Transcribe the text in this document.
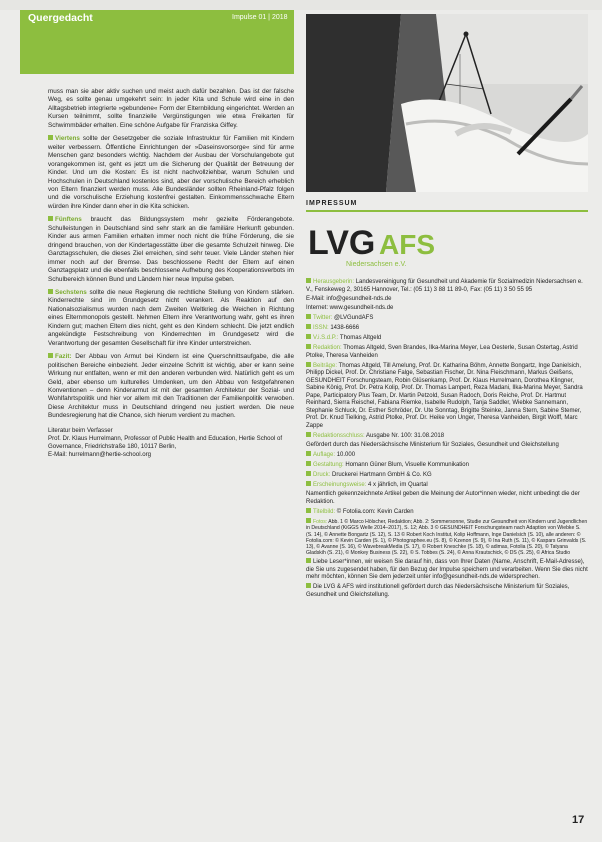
Quergedacht	Impulse 01 | 2018

muss man sie aber aktiv suchen und meist auch dafür bezahlen. Das ist der falsche Weg, es sollte genau umgekehrt sein: In jeder Kita und Schule wird eine in den Alltagsbetrieb integrierte »gebundene« Form der Elternbildung eingerichtet. Werden an Kursen teilnimmt, sollte finanzielle Vergünstigungen wie etwa Freikarten für Schwimmbäder erhalten. Eine schöne Aufgabe für Franziska Giffey.

Viertens sollte der Gesetzgeber die soziale Infrastruktur für Familien mit Kindern weiter verbessern. Öffentliche Einrichtungen der »Daseinsvorsorge« sind für arme Menschen ganz besonders wichtig. Nachdem der Ausbau der Vorschulangebote gut vorangekommen ist, geht es jetzt um die Sicherung der Qualität der Betreuung der Kinder. Und um die Kosten: Es ist nicht nachvollziehbar, warum Schulen und Hochschulen in Deutschland kostenlos sind, aber der vorschulische Bereich erheblich von Eltern finanziert werden muss. Alle Bundesländer sollten Rheinland-Pfalz folgen und die vorschulische Erziehung kostenfrei gestalten. Einkommensschwache Eltern würden ihre Kinder dann eher in die Kita schicken.

Fünftens braucht das Bildungssystem mehr gezielte Förderangebote. Schulleistungen in Deutschland sind sehr stark an die familiäre Herkunft gebunden. Kinder aus armen Familien erhalten immer noch nicht die frühe Förderung, die sie dringend brauchen, von der Kindertagesstätte über die gesamte Schulzeit hinweg. Die Ganztagsschulen, die dieses Ziel erreichen, sind sehr teuer. Viele Länder stehen hier immer noch auf der Bremse. Das beschlossene Recht der Eltern auf einen Ganztagsplatz und die ebenfalls beschlossene Aufhebung des Kooperationsverbots im Schulbereich können Bund und Ländern hier neue Impulse geben.

Sechstens sollte die neue Regierung die rechtliche Stellung von Kindern stärken. Kinderrechte sind im Grundgesetz nicht verankert. Als Reaktion auf den Nationalsozialismus wurden nach dem Zweiten Weltkrieg die Weichen in Richtung eines Elternmonopols gestellt. Nehmen Eltern ihre Verantwortung wahr, geht es ihren Kindern gut; machen Eltern dies nicht, geht es den Kindern schlecht. Die jetzt endlich angekündigte Festschreibung von Kinderrechten im Grundgesetz wird die Verantwortung der gesamten Gesellschaft für ihre Kinder unterstreichen.

Fazit: Der Abbau von Armut bei Kindern ist eine Querschnittsaufgabe, die alle politischen Bereiche einbezieht. Jeder einzelne Schritt ist wichtig, aber er kann seine Wirkung nur entfalten, wenn er mit den anderen verbunden wird. Natürlich geht es um Geld, aber ebenso um kulturelles Umdenken, um den Abbau von festgefahrenen Konventionen – denn Kinderarmut ist mit der gesamten Architektur der Sozial- und Wohlfahrtspolitik und hier vor allem mit den Traditionen der Familienpolitik verwoben. Diese Architektur muss in Deutschland dringend neu justiert werden. Die neue Bundesregierung hat die Chance, sich hierum verdient zu machen.

Literatur beim Verfasser
Prof. Dr. Klaus Hurrelmann, Professor of Public Health and Education, Hertie School of Governance, Friedrichstraße 180, 10117 Berlin,
E-Mail: hurrelmann@hertie-school.org
IMPRESSUM
LVG AFS
Niedersachsen e.V.

Herausgeberin: Landesvereinigung für Gesundheit und Akademie für Sozialmedizin Niedersachsen e. V., Fenskeweg 2, 30165 Hannover, Tel.: (05 11) 3 88 11 89-0, Fax: (05 11) 3 50 55 95

E-Mail: info@gesundheit-nds.de

Internet: www.gesundheit-nds.de

Twitter: @LVGundAFS

ISSN: 1438-6666

V.i.S.d.P.: Thomas Altgeld

Redaktion: Thomas Altgeld, Sven Brandes, Ilka-Marina Meyer, Lea Oesterle, Susan Ostertag, Astrid Ptolke, Theresa Vanheiden

Beiträge: Thomas Altgeld, Till Amelung, Prof. Dr. Katharina Böhm, Annette Bongartz, Inge Danielsich, Philipp Dickel, Prof. Dr. Christiane Falge, Sebastian Fischer, Dr. Nina Fleischmann, Markus Geißens, GESUNDHEIT Forschungsteam, Robin Glüsenkamp, Prof. Dr. Klaus Hurrelmann, Dorothea Klingner, Sabine König, Prof. Dr. Petra Kolip, Prof. Dr. Thomas Lampert, Reza Madani, Ilka-Marina Meyer, Sandra Pape, Participatory Plus Team, Dr. Martin Petzold, Susan Radoch, Doris Reiche, Prof. Dr. Hartmut Reinhard, Sierra Reischel, Fabiana Riemke, Isabelle Rudolph, Tanja Saddler, Wiebke Sannemann, Stephanie Schluck, Dr. Esther Schröder, Dr. Ute Sonntag, Brigitte Steinke, Janna Stern, Sabine Stemer, Prof. Dr. Knud Tielking, Astrid Ptolke, Prof. Dr. Heike von Unger, Theresa Vanheiden, Birgit Wolff, Marc Zappe

Redaktionsschluss: Ausgabe Nr. 100: 31.08.2018

Gefördert durch das Niedersächsische Ministerium für Soziales, Gesundheit und Gleichstellung

Auflage: 10.000

Gestaltung: Homann Güner Blum, Visuelle Kommunikation

Druck: Druckerei Hartmann GmbH & Co. KG

Erscheinungsweise: 4 x jährlich, im Quartal

Namentlich gekennzeichnete Artikel geben die Meinung der Autor*innen wieder, nicht unbedingt die der Redaktion.

Titelbild: © Fotolia.com: Kevin Carden

Fotos: Abb. 1 © Marco Hölscher, Redaktion; Abb. 2: Sommersonne, Studie zur Gesundheit von Kindern und Jugendlichen in Deutschland (KiGGS Welle 2014–2017), S. 12; Abb. 3 © GESUNDHEIT Forschungsteam nach Adaption von Wiebke S. (S. 14), © Annette Bongartz (S. 12), S. 13 © Robert Koch Institut, Kolip Hoffmann, Inge Danielsich (S. 10), alle anderen: © Fotolia.com: © Kevin Carden (S. 1), © Photographee.eu (S. 8), © Kzenon (S. 9), © Ina Ruth (S. 11), © Kaspars Grinvalds (S. 13), © Avanne (S. 16), © WavebreakMedia (S. 17), © Robert Kneschke (S. 18), © adimas, Fotolia (S. 20), © Tatyana Gladskih (S. 21), © Monkey Business (S. 22), © S. Tobbes (S. 24), © Anna Krautschick, © DS (S. 25), © Africa Studio

Liebe Leser*innen, wir weisen Sie darauf hin, dass von Ihrer Daten (Name, Anschrift, E-Mail-Adresse), die Sie uns zugesendet haben, für den Bezug der Impulse speichern und verarbeiten. Wenn Sie dies nicht mehr möchten, können Sie dem jederzeit unter info@gesundheit-nds.de widersprechen.

Die LVG & AFS wird institutionell gefördert durch das Niedersächsische Ministerium für Soziales, Gesundheit und Gleichstellung.

17
